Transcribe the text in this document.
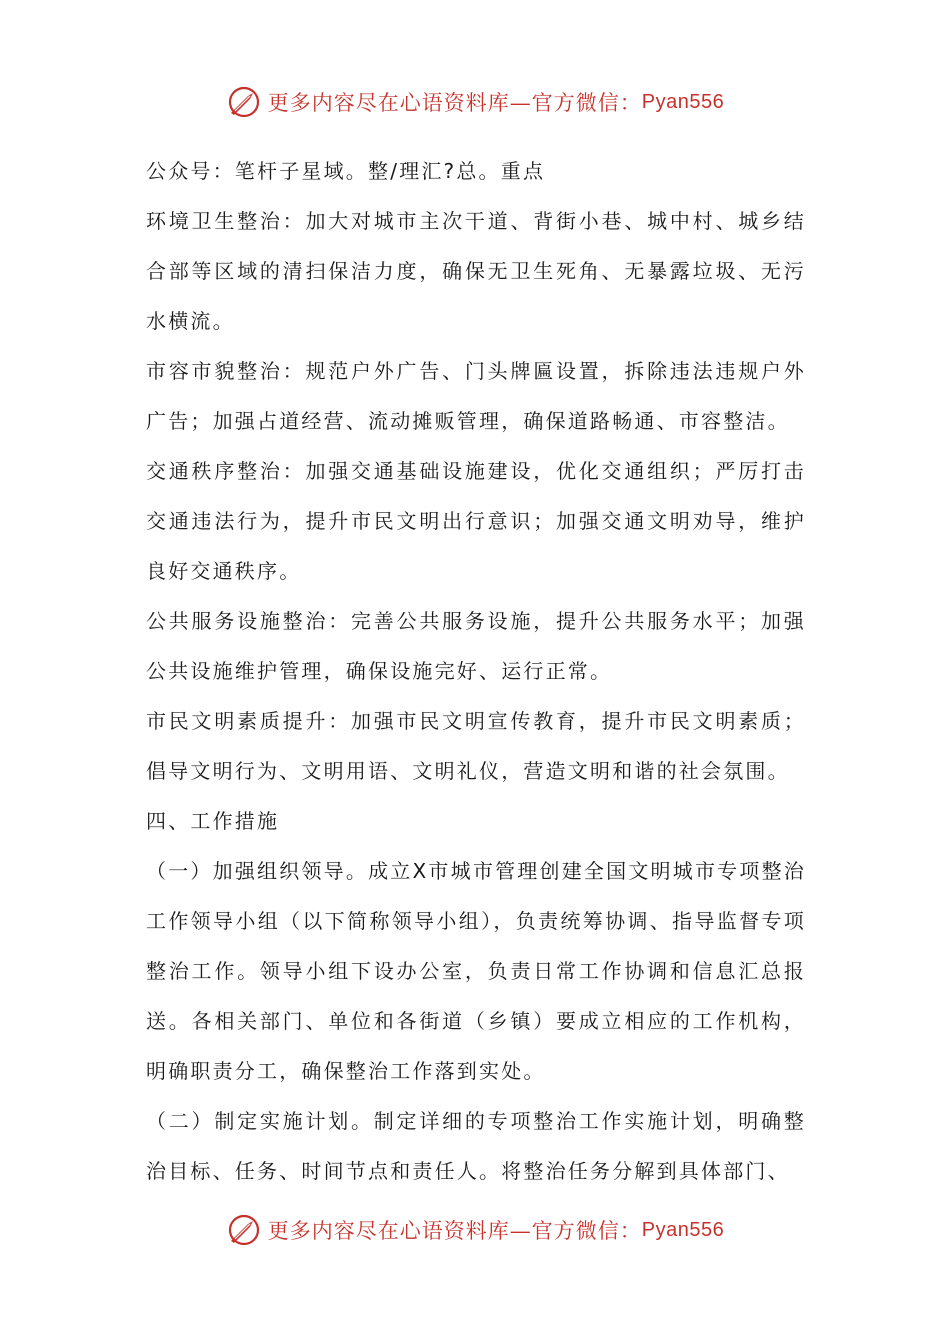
更多内容尽在心语资料库—官方微信： Pyan556

公众号：笔杆子星域。整/理汇?总。重点

环境卫生整治：加大对城市主次干道、背街小巷、城中村、城乡结合部等区域的清扫保洁力度，确保无卫生死角、无暴露垃圾、无污水横流。

市容市貌整治：规范户外广告、门头牌匾设置，拆除违法违规户外广告；加强占道经营、流动摊贩管理，确保道路畅通、市容整洁。

交通秩序整治：加强交通基础设施建设，优化交通组织；严厉打击交通违法行为，提升市民文明出行意识；加强交通文明劝导，维护良好交通秩序。

公共服务设施整治：完善公共服务设施，提升公共服务水平；加强公共设施维护管理，确保设施完好、运行正常。

市民文明素质提升：加强市民文明宣传教育，提升市民文明素质；倡导文明行为、文明用语、文明礼仪，营造文明和谐的社会氛围。

四、工作措施

（一）加强组织领导。成立X市城市管理创建全国文明城市专项整治工作领导小组（以下简称领导小组），负责统筹协调、指导监督专项整治工作。领导小组下设办公室，负责日常工作协调和信息汇总报送。各相关部门、单位和各街道（乡镇）要成立相应的工作机构，明确职责分工，确保整治工作落到实处。

（二）制定实施计划。制定详细的专项整治工作实施计划，明确整治目标、任务、时间节点和责任人。将整治任务分解到具体部门、

更多内容尽在心语资料库—官方微信： Pyan556
